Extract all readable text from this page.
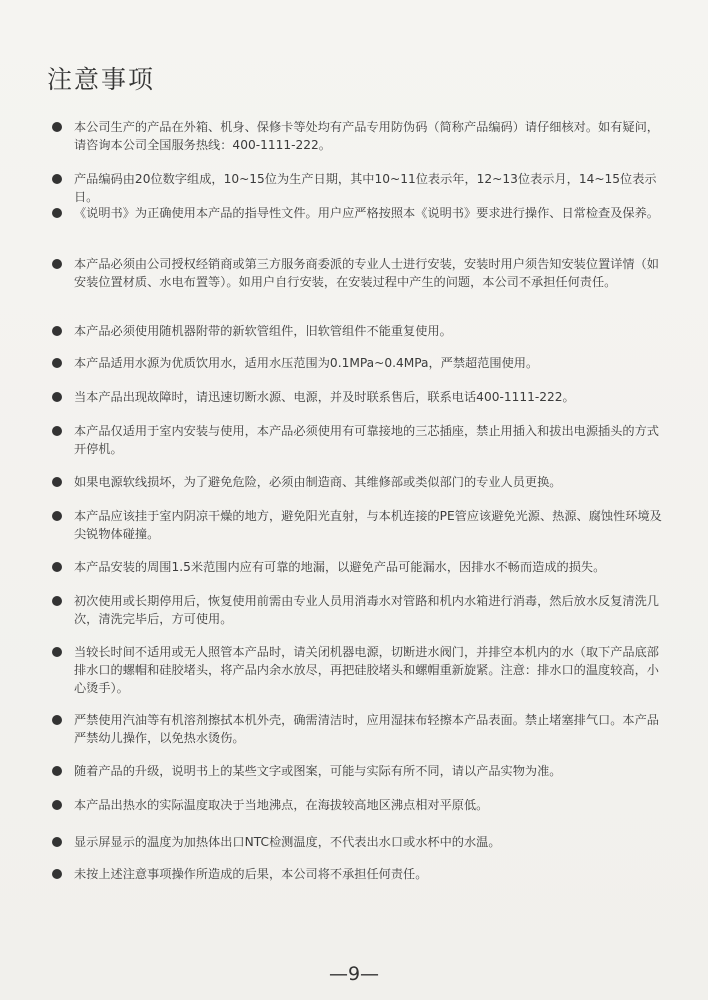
注意事项
本公司生产的产品在外箱、机身、保修卡等处均有产品专用防伪码（简称产品编码）请仔细核对。如有疑问，请咨询本公司全国服务热线：400-1111-222。
产品编码由20位数字组成，10~15位为生产日期，其中10~11位表示年，12~13位表示月，14~15位表示日。
《说明书》为正确使用本产品的指导性文件。用户应严格按照本《说明书》要求进行操作、日常检查及保养。
本产品必须由公司授权经销商或第三方服务商委派的专业人士进行安装，安装时用户须告知安装位置详情（如安装位置材质、水电布置等）。如用户自行安装，在安装过程中产生的问题，本公司不承担任何责任。
本产品必须使用随机器附带的新软管组件，旧软管组件不能重复使用。
本产品适用水源为优质饮用水，适用水压范围为0.1MPa~0.4MPa，严禁超范围使用。
当本产品出现故障时，请迅速切断水源、电源，并及时联系售后，联系电话400-1111-222。
本产品仅适用于室内安装与使用，本产品必须使用有可靠接地的三芯插座，禁止用插入和拔出电源插头的方式开停机。
如果电源软线损坏，为了避免危险，必须由制造商、其维修部或类似部门的专业人员更换。
本产品应该挂于室内阴凉干燥的地方，避免阳光直射，与本机连接的PE管应该避免光源、热源、腐蚀性环境及尖锐物体碰撞。
本产品安装的周围1.5米范围内应有可靠的地漏，以避免产品可能漏水，因排水不畅而造成的损失。
初次使用或长期停用后，恢复使用前需由专业人员用消毒水对管路和机内水箱进行消毒，然后放水反复清洗几次，清洗完毕后，方可使用。
当较长时间不适用或无人照管本产品时，请关闭机器电源，切断进水阀门，并排空本机内的水（取下产品底部排水口的螺帽和硅胶堵头，将产品内余水放尽，再把硅胶堵头和螺帽重新旋紧。注意：排水口的温度较高，小心烫手）。
严禁使用汽油等有机溶剂擦拭本机外壳，确需清洁时，应用湿抹布轻擦本产品表面。禁止堵塞排气口。本产品严禁幼儿操作，以免热水烫伤。
随着产品的升级，说明书上的某些文字或图案，可能与实际有所不同，请以产品实物为准。
本产品出热水的实际温度取决于当地沸点，在海拔较高地区沸点相对平原低。
显示屏显示的温度为加热体出口NTC检测温度，不代表出水口或水杯中的水温。
未按上述注意事项操作所造成的后果，本公司将不承担任何责任。
—9—
